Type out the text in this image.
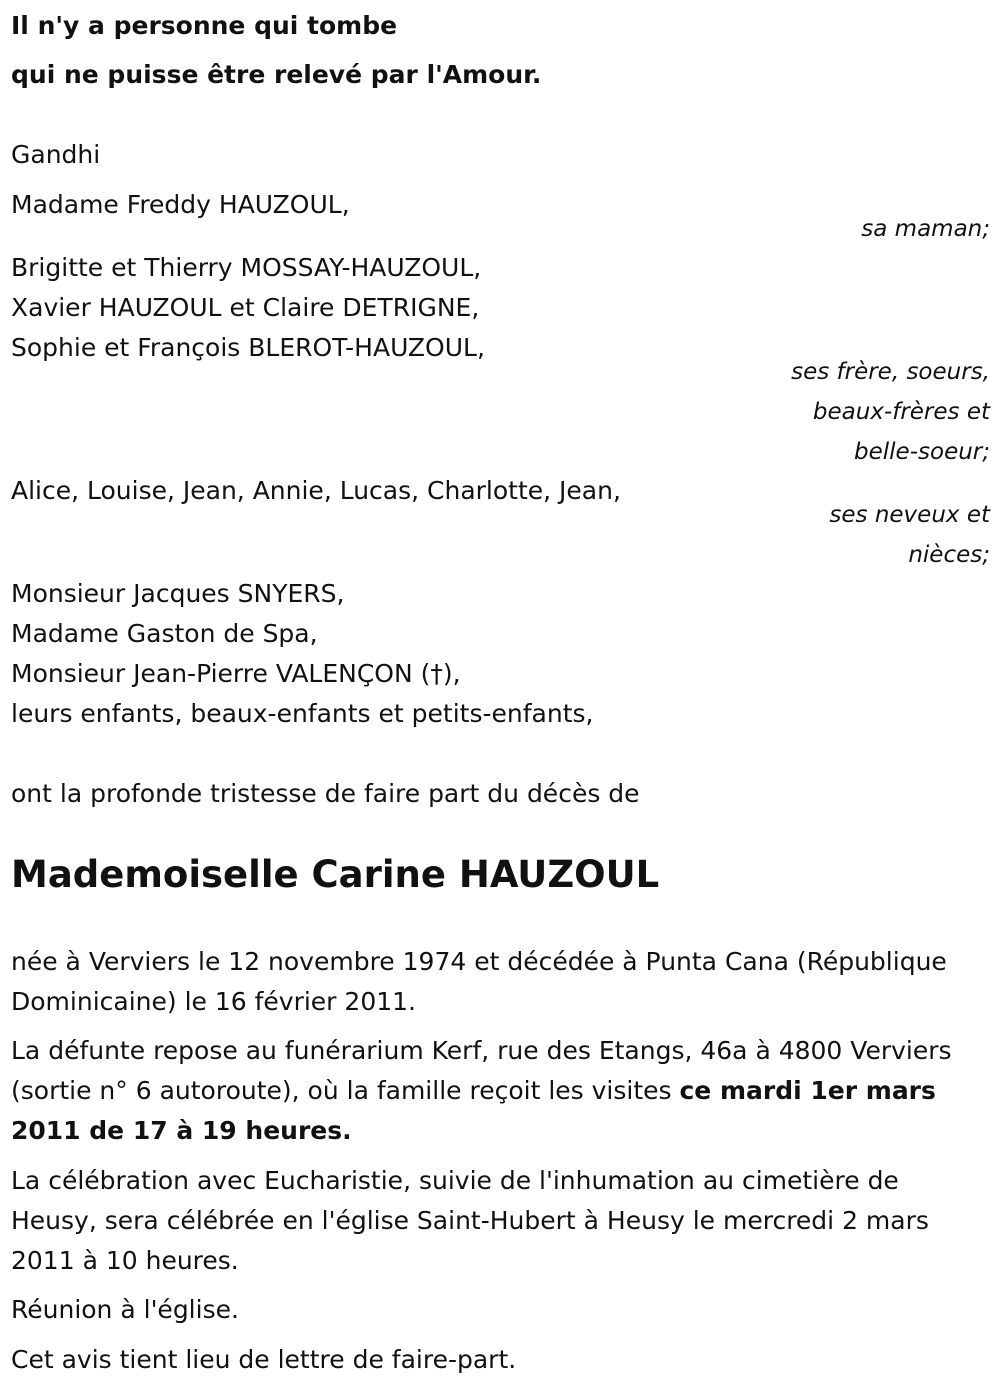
Il n'y a personne qui tombe

qui ne puisse être relevé par l'Amour.

Gandhi

Madame Freddy HAUZOUL,

sa maman;

Brigitte et Thierry MOSSAY-HAUZOUL,

Xavier HAUZOUL et Claire DETRIGNE,

Sophie et François BLEROT-HAUZOUL,

ses frère, soeurs,

beaux-frères et

belle-soeur;

Alice, Louise, Jean, Annie, Lucas, Charlotte, Jean,

ses neveux et

nièces;

Monsieur Jacques SNYERS,

Madame Gaston de Spa,

Monsieur Jean-Pierre VALENÇON (†),

leurs enfants, beaux-enfants et petits-enfants,

ont la profonde tristesse de faire part du décès de

Mademoiselle Carine HAUZOUL

née à Verviers le 12 novembre 1974 et décédée à Punta Cana (République Dominicaine) le 16 février 2011.

La défunte repose au funérarium Kerf, rue des Etangs, 46a à 4800 Verviers (sortie n° 6 autoroute), où la famille reçoit les visites ce mardi 1er mars 2011 de 17 à 19 heures.

La célébration avec Eucharistie, suivie de l'inhumation au cimetière de Heusy, sera célébrée en l'église Saint-Hubert à Heusy le mercredi 2 mars 2011 à 10 heures.

Réunion à l'église.

Cet avis tient lieu de lettre de faire-part.
